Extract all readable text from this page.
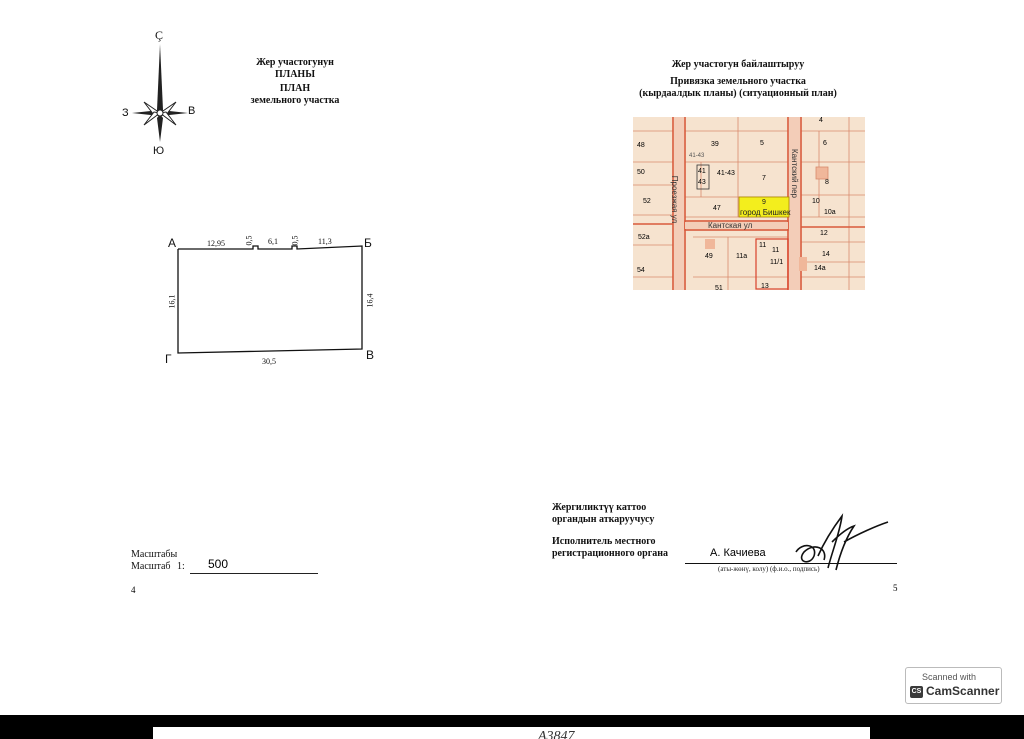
Ç
З	В
Ю
Жер участогунун
ПЛАНЫ
ПЛАН
земельного участка
А	Б
В
Г
12,95 0,5 6,1 0,5 11,3
16,1	16,4
30,5
Масштабы
Масштаб 1:	500
4
Жер участогун байлаштыруу
Привязка земельного участка
(кырдаалдык планы) (ситуационный план)
Проезжая ул
Кантский пер
Кантская ул
9
город Бишкек
48	39	5	6
4
41-43
50	41
43
41-43
7
8
52
47
10
10а
52а
49	11а
11
11
11/1
12
14
14а
54
51	13
Жергиликтүү каттоо
органдын аткаруучусу
Исполнитель местного
регистрационного органа	А. Качиева
(аты-жөнү, колу) (ф.и.о., подпись)
5
Scanned with
CS CamScanner
А3847
